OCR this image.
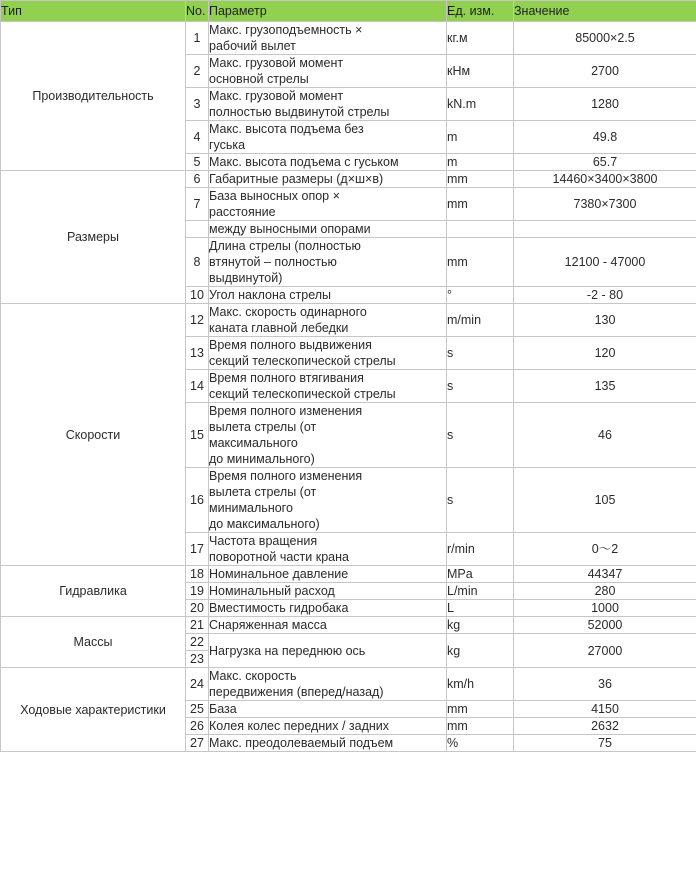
Тип	No.	Параметр	Ед. изм.	Значение
Производительность	1	Макс. грузоподъемность ×
рабочий вылет	кг.м	85000×2.5
	2	Макс. грузовой момент
основной стрелы	кНм	2700
	3	Макс. грузовой момент
полностью выдвинутой стрелы	kN.m	1280
	4	Макс. высота подъема без
гуська	m	49.8
	5	Макс. высота подъема с гуськом	m	65.7
Размеры	6	Габаритные размеры (д×ш×в)	mm	14460×3400×3800
	7	База выносных опор ×
расстояние	mm	7380×7300

		между выносными опорами		

	8	Длина стрелы (полностью
втянутой – полностью
выдвинутой)	mm	12100 - 47000
	10	Угол наклона стрелы	°	-2 - 80
Скорости	12	Макс. скорость одинарного
каната главной лебедки	m/min	130
	13	Время полного выдвижения
секций телескопической стрелы	s	120
	14	Время полного втягивания
секций телескопической стрелы	s	135
	15	Время полного изменения
вылета стрелы (от
максимального
до минимального)	s	46
	16	Время полного изменения
вылета стрелы (от
минимального
до максимального)	s	105
	17	Частота вращения
поворотной части крана	r/min	0〜2
Гидравлика	18	Номинальное давление	MPa	44347
	19	Номинальный расход	L/min	280
	20	Вместимость гидробака	L	1000
Массы	21	Снаряженная масса	kg	52000
	22	Нагрузка на переднюю ось	kg	27000
	23			
Ходовые характеристики	24	Макс. скорость
передвижения (вперед/назад)	km/h	36
	25	База	mm	4150
	26	Колея колес передних / задних	mm	2632
	27	Макс. преодолеваемый подъем	%	75
